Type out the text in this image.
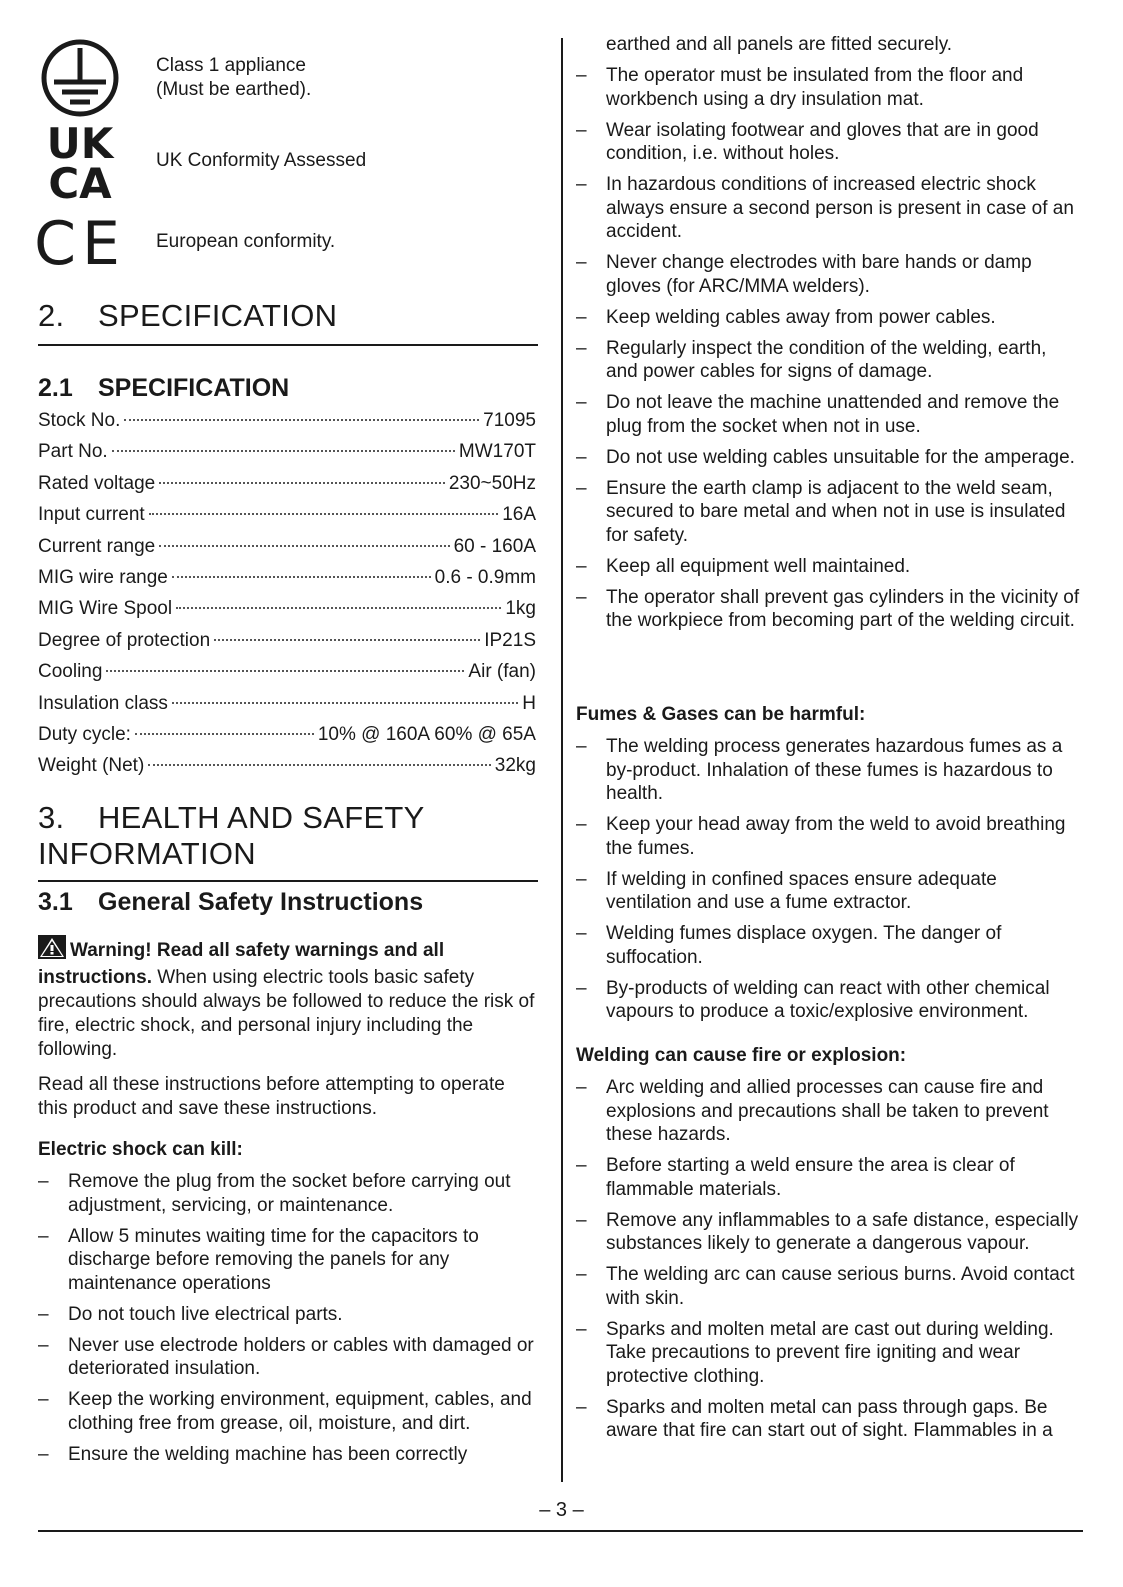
Class 1 appliance
(Must be earthed).
UK
CA UK Conformity Assessed
CE European conformity.
2. SPECIFICATION
2.1 SPECIFICATION
Stock No.	71095
Part No.	MW170T
Rated voltage	230~50Hz
Input current	16A
Current range	60 - 160A
MIG wire range	0.6 - 0.9mm
MIG Wire Spool	1kg
Degree of protection	IP21S
Cooling	Air (fan)
Insulation class	H
Duty cycle:	10% @ 160A 60% @ 65A
Weight (Net)	32kg
3. HEALTH AND SAFETY
INFORMATION
3.1 General Safety Instructions
Warning! Read all safety warnings and all instructions. When using electric tools basic safety precautions should always be followed to reduce the risk of fire, electric shock, and personal injury including the following.
Read all these instructions before attempting to operate this product and save these instructions.
Electric shock can kill:
– Remove the plug from the socket before carrying out adjustment, servicing, or maintenance.
– Allow 5 minutes waiting time for the capacitors to discharge before removing the panels for any maintenance operations
– Do not touch live electrical parts.
– Never use electrode holders or cables with damaged or deteriorated insulation.
– Keep the working environment, equipment, cables, and clothing free from grease, oil, moisture, and dirt.
– Ensure the welding machine has been correctly
earthed and all panels are fitted securely.
– The operator must be insulated from the floor and workbench using a dry insulation mat.
– Wear isolating footwear and gloves that are in good condition, i.e. without holes.
– In hazardous conditions of increased electric shock always ensure a second person is present in case of an accident.
– Never change electrodes with bare hands or damp gloves (for ARC/MMA welders).
– Keep welding cables away from power cables.
– Regularly inspect the condition of the welding, earth, and power cables for signs of damage.
– Do not leave the machine unattended and remove the plug from the socket when not in use.
– Do not use welding cables unsuitable for the amperage.
– Ensure the earth clamp is adjacent to the weld seam, secured to bare metal and when not in use is insulated for safety.
– Keep all equipment well maintained.
– The operator shall prevent gas cylinders in the vicinity of the workpiece from becoming part of the welding circuit.
Fumes & Gases can be harmful:
– The welding process generates hazardous fumes as a by-product. Inhalation of these fumes is hazardous to health.
– Keep your head away from the weld to avoid breathing the fumes.
– If welding in confined spaces ensure adequate ventilation and use a fume extractor.
– Welding fumes displace oxygen. The danger of suffocation.
– By-products of welding can react with other chemical vapours to produce a toxic/explosive environment.
Welding can cause fire or explosion:
– Arc welding and allied processes can cause fire and explosions and precautions shall be taken to prevent these hazards.
– Before starting a weld ensure the area is clear of flammable materials.
– Remove any inflammables to a safe distance, especially substances likely to generate a dangerous vapour.
– The welding arc can cause serious burns. Avoid contact with skin.
– Sparks and molten metal are cast out during welding. Take precautions to prevent fire igniting and wear protective clothing.
– Sparks and molten metal can pass through gaps. Be aware that fire can start out of sight. Flammables in a
– 3 –
